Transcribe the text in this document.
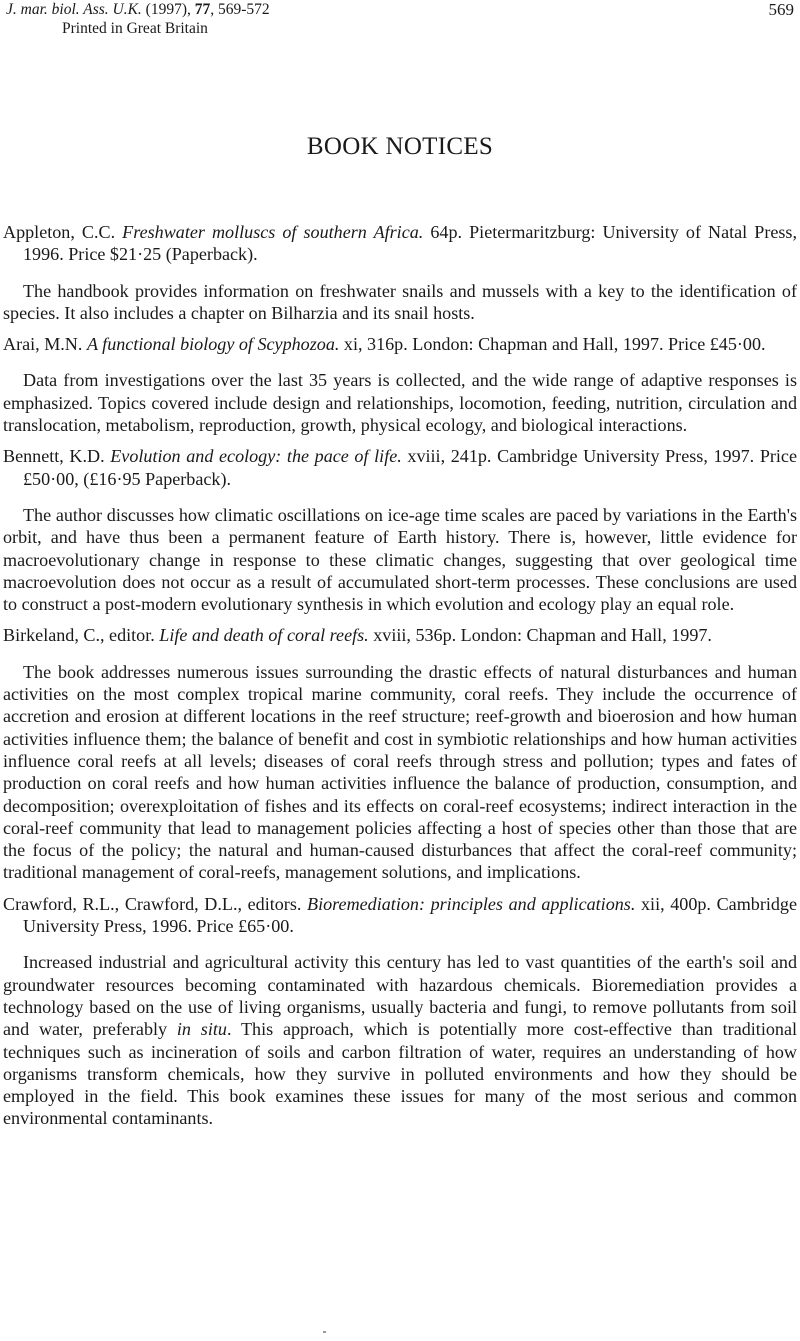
J. mar. biol. Ass. U.K. (1997), 77, 569-572
Printed in Great Britain
569
BOOK NOTICES

Appleton, C.C. Freshwater molluscs of southern Africa. 64p. Pietermaritzburg: University of Natal Press, 1996. Price $21·25 (Paperback).

The handbook provides information on freshwater snails and mussels with a key to the identification of species. It also includes a chapter on Bilharzia and its snail hosts.

Arai, M.N. A functional biology of Scyphozoa. xi, 316p. London: Chapman and Hall, 1997. Price £45·00.

Data from investigations over the last 35 years is collected, and the wide range of adaptive responses is emphasized. Topics covered include design and relationships, locomotion, feeding, nutrition, circulation and translocation, metabolism, reproduction, growth, physical ecology, and biological interactions.

Bennett, K.D. Evolution and ecology: the pace of life. xviii, 241p. Cambridge University Press, 1997. Price £50·00, (£16·95 Paperback).

The author discusses how climatic oscillations on ice-age time scales are paced by variations in the Earth's orbit, and have thus been a permanent feature of Earth history. There is, however, little evidence for macroevolutionary change in response to these climatic changes, suggesting that over geological time macroevolution does not occur as a result of accumulated short-term processes. These conclusions are used to construct a post-modern evolutionary synthesis in which evolution and ecology play an equal role.

Birkeland, C., editor. Life and death of coral reefs. xviii, 536p. London: Chapman and Hall, 1997.

The book addresses numerous issues surrounding the drastic effects of natural disturbances and human activities on the most complex tropical marine community, coral reefs. They include the occurrence of accretion and erosion at different locations in the reef structure; reef-growth and bioerosion and how human activities influence them; the balance of benefit and cost in symbiotic relationships and how human activities influence coral reefs at all levels; diseases of coral reefs through stress and pollution; types and fates of production on coral reefs and how human activities influence the balance of production, consumption, and decomposition; overexploitation of fishes and its effects on coral-reef ecosystems; indirect interaction in the coral-reef community that lead to management policies affecting a host of species other than those that are the focus of the policy; the natural and human-caused disturbances that affect the coral-reef community; traditional management of coral-reefs, management solutions, and implications.

Crawford, R.L., Crawford, D.L., editors. Bioremediation: principles and applications. xii, 400p. Cambridge University Press, 1996. Price £65·00.

Increased industrial and agricultural activity this century has led to vast quantities of the earth's soil and groundwater resources becoming contaminated with hazardous chemicals. Bioremediation provides a technology based on the use of living organisms, usually bacteria and fungi, to remove pollutants from soil and water, preferably in situ. This approach, which is potentially more cost-effective than traditional techniques such as incineration of soils and carbon filtration of water, requires an understanding of how organisms transform chemicals, how they survive in polluted environments and how they should be employed in the field. This book examines these issues for many of the most serious and common environmental contaminants.
